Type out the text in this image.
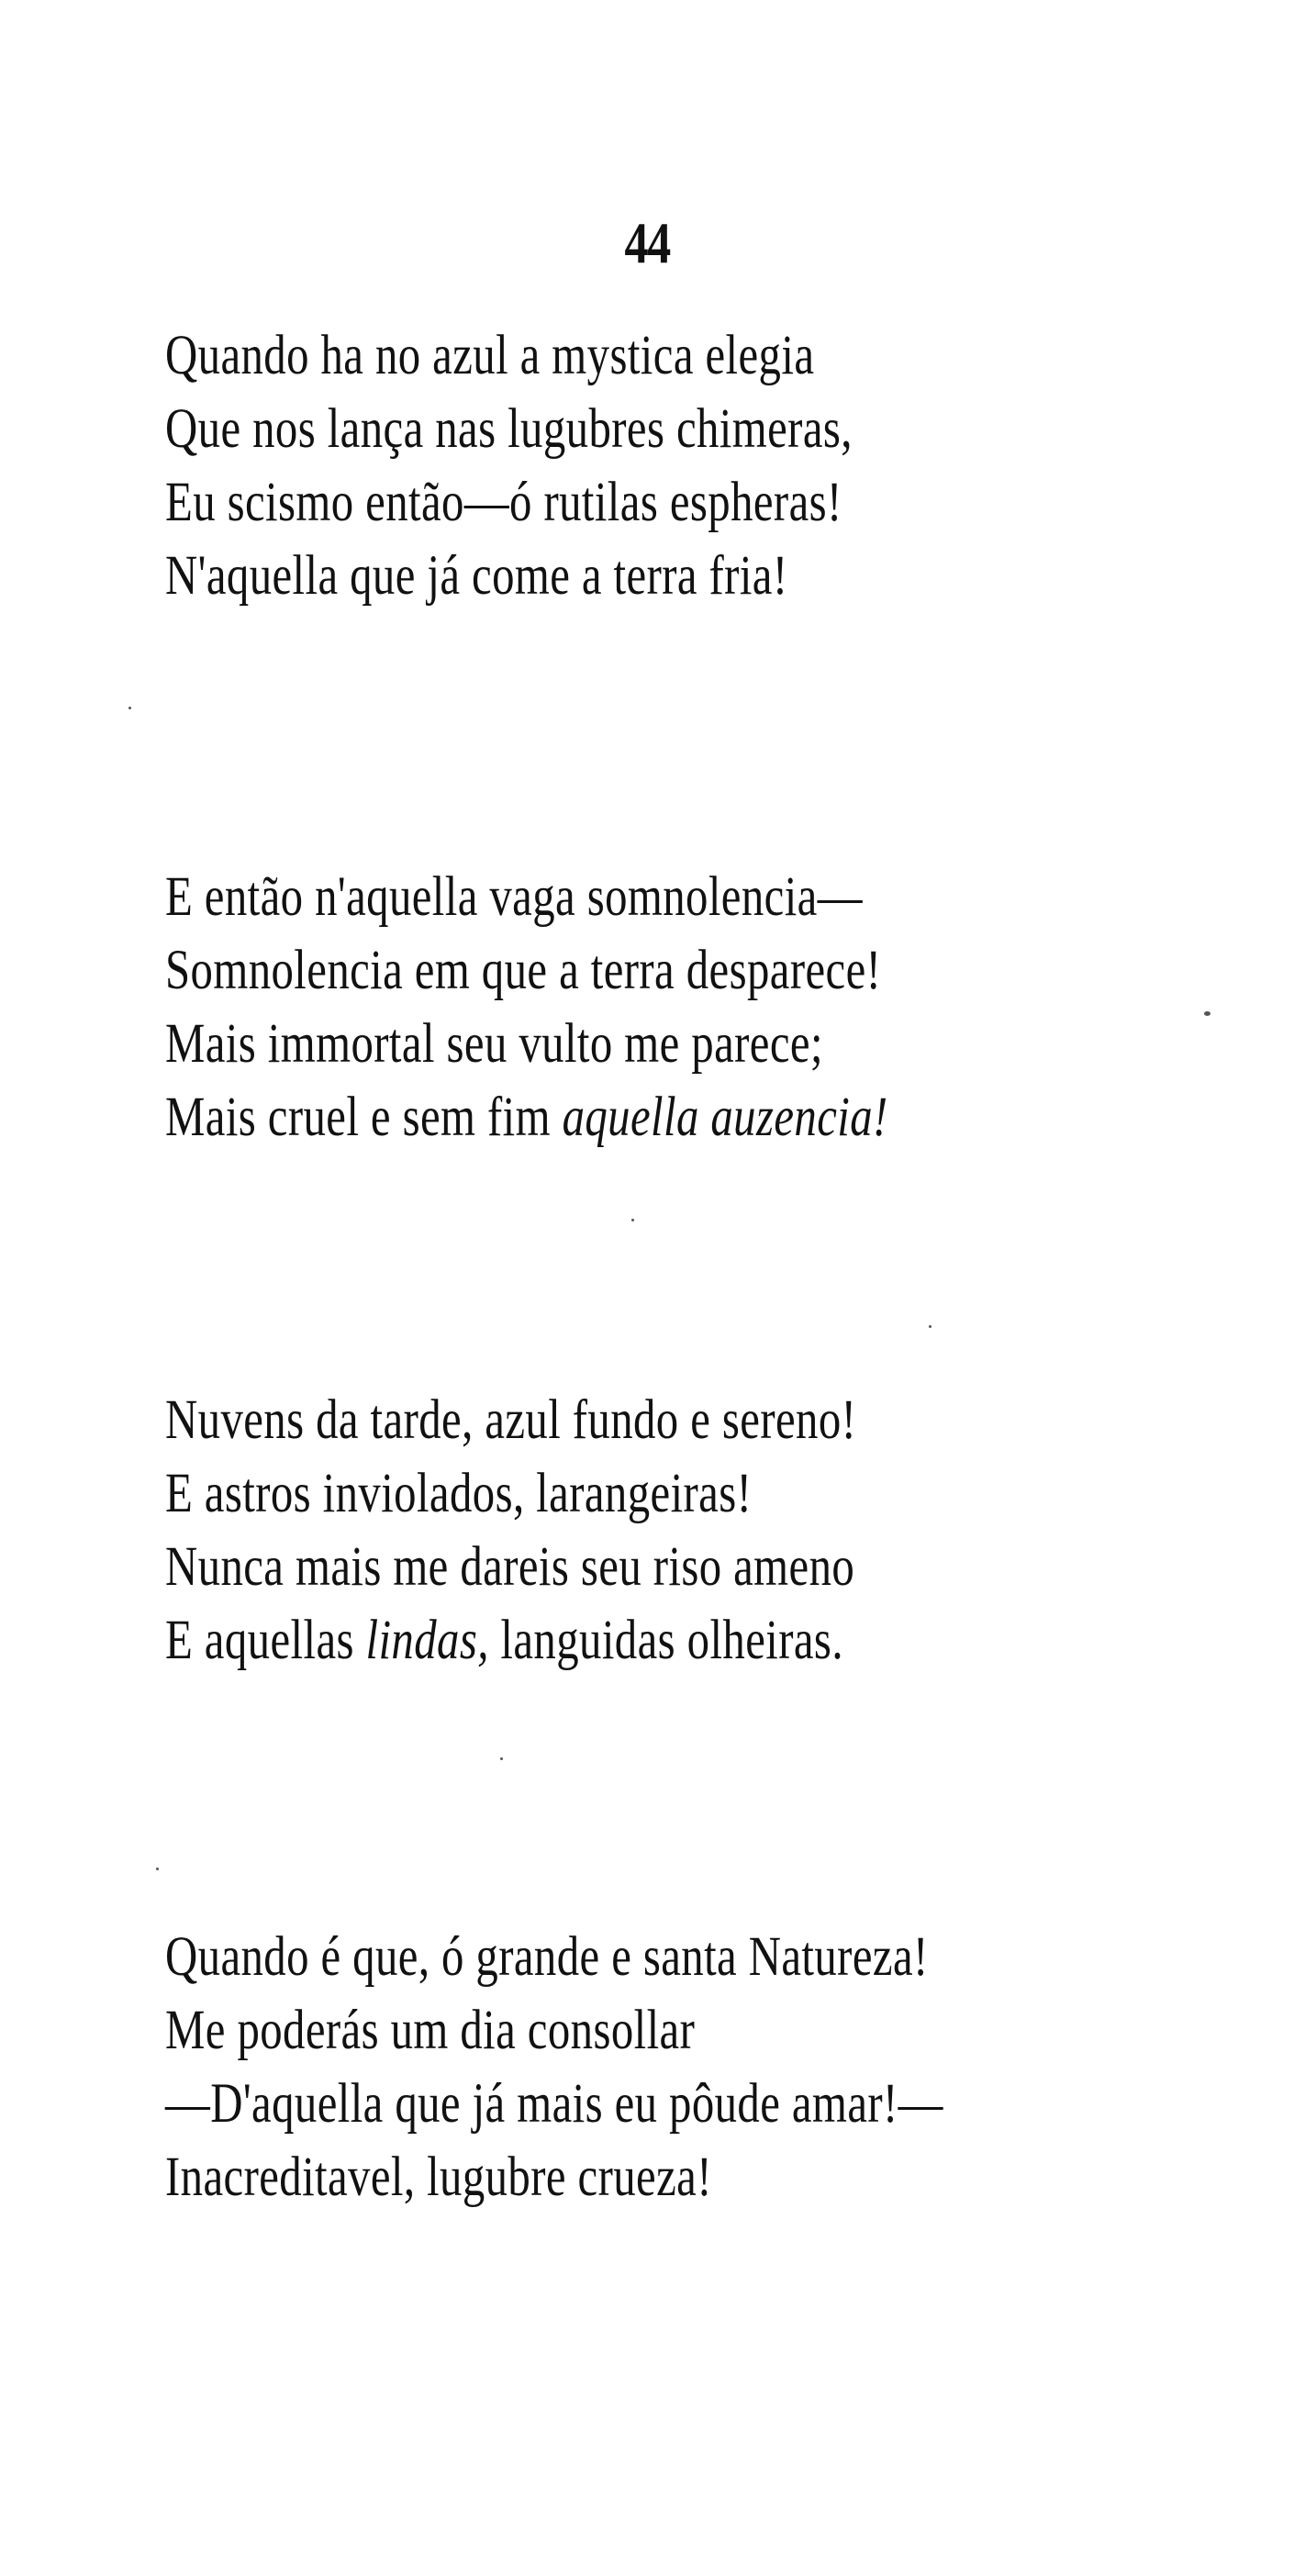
44
Quando ha no azul a mystica elegia
Que nos lança nas lugubres chimeras,
Eu scismo então—ó rutilas espheras!
N'aquella que já come a terra fria!
E então n'aquella vaga somnolencia—
Somnolencia em que a terra desparece!
Mais immortal seu vulto me parece;
Mais cruel e sem fim aquella auzencia!
Nuvens da tarde, azul fundo e sereno!
E astros inviolados, larangeiras!
Nunca mais me dareis seu riso ameno
E aquellas lindas, languidas olheiras.
Quando é que, ó grande e santa Natureza!
Me poderás um dia consollar
—D'aquella que já mais eu pôude amar!—
Inacreditavel, lugubre crueza!
